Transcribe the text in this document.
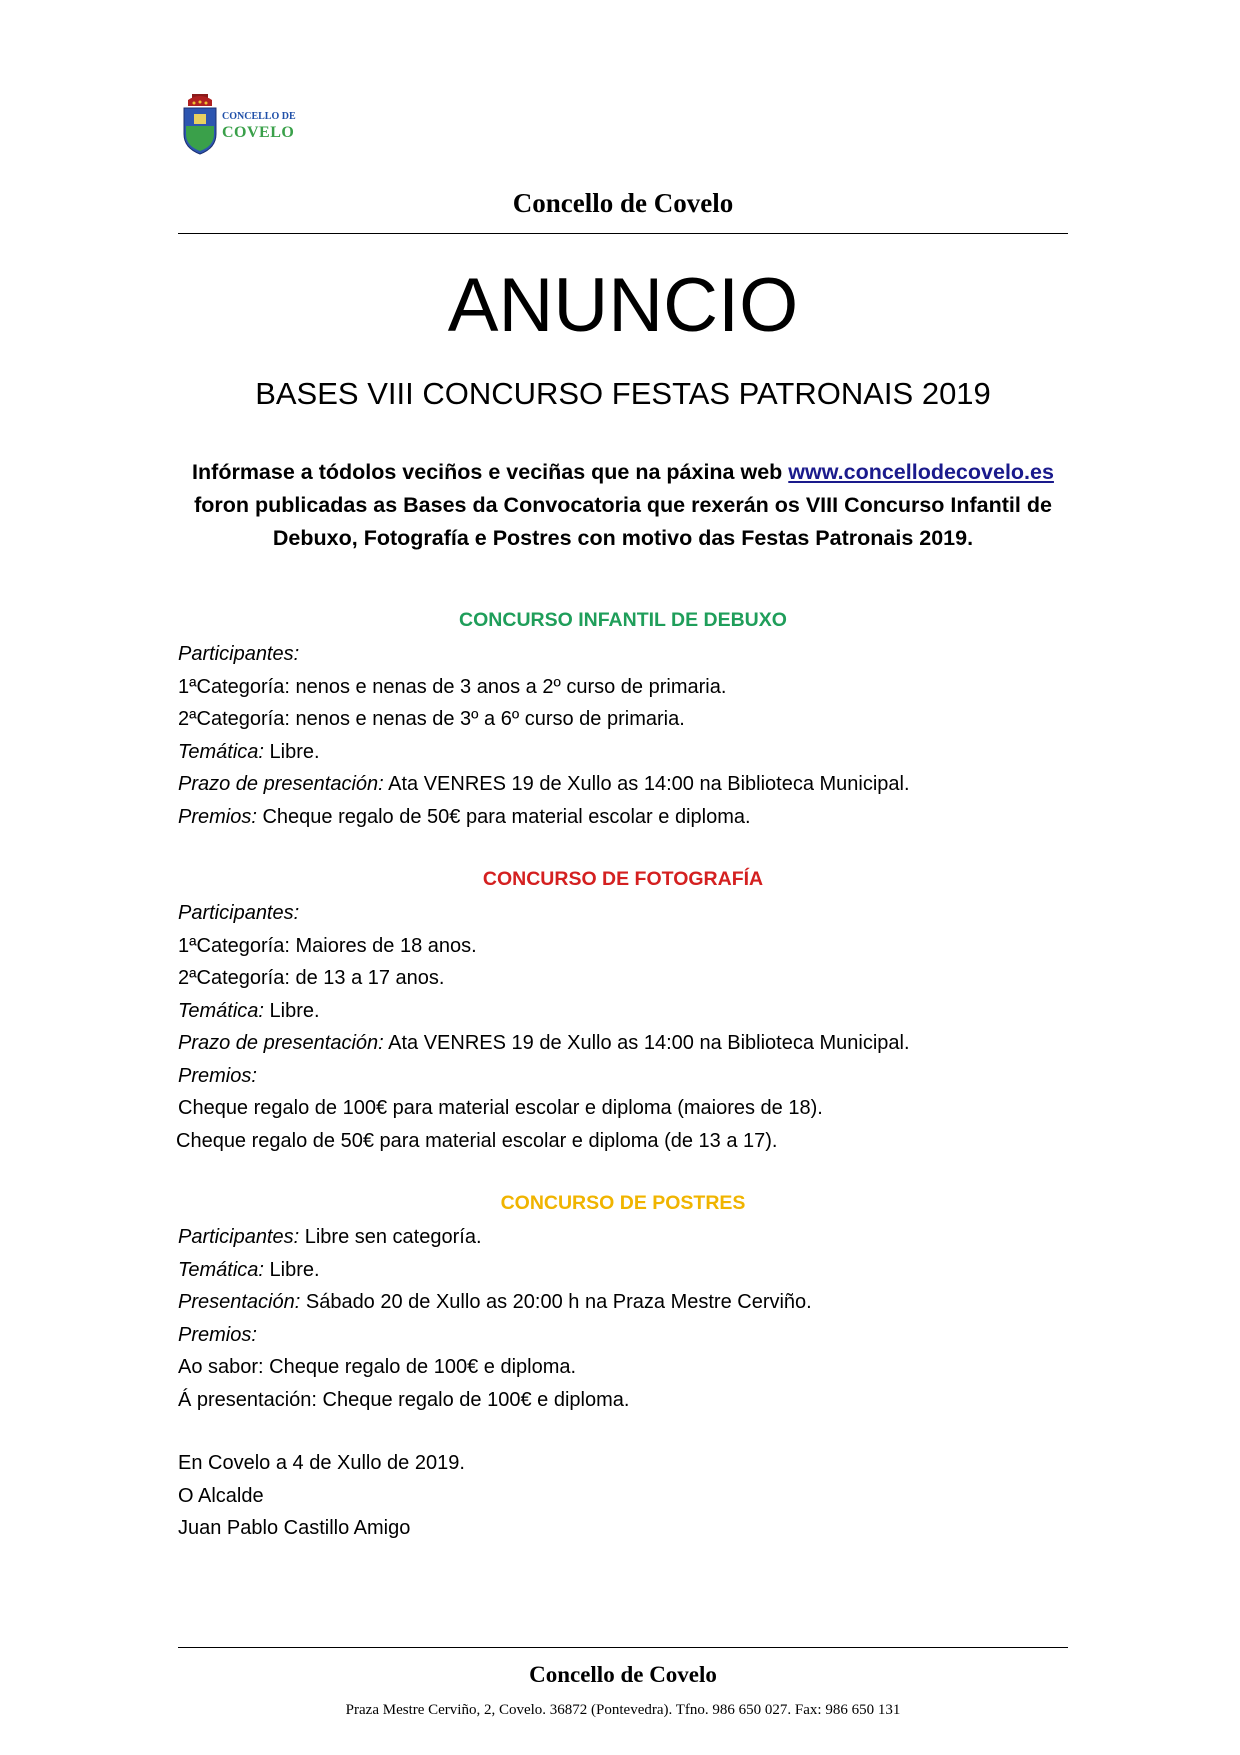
CONCELLO DE
COVELO
Concello de Covelo
ANUNCIO
BASES VIII CONCURSO FESTAS PATRONAIS 2019
Infórmase a tódolos veciños e veciñas que na páxina web www.concellodecovelo.es foron publicadas as Bases da Convocatoria que rexerán os VIII Concurso Infantil de Debuxo, Fotografía e Postres con motivo das Festas Patronais 2019.
CONCURSO INFANTIL DE DEBUXO
Participantes:
1ªCategoría: nenos e nenas de 3 anos a 2º curso de primaria.
2ªCategoría: nenos e nenas de 3º a 6º curso de primaria.
Temática: Libre.
Prazo de presentación: Ata VENRES 19 de Xullo as 14:00 na Biblioteca Municipal.
Premios: Cheque regalo de 50€ para material escolar e diploma.
CONCURSO DE FOTOGRAFÍA
Participantes:
1ªCategoría: Maiores de 18 anos.
2ªCategoría: de 13 a 17 anos.
Temática: Libre.
Prazo de presentación: Ata VENRES 19 de Xullo as 14:00 na Biblioteca Municipal.
Premios:
Cheque regalo de 100€ para material escolar e diploma (maiores de 18).
Cheque regalo de 50€ para material escolar e diploma (de 13 a 17).
CONCURSO DE POSTRES
Participantes: Libre sen categoría.
Temática: Libre.
Presentación: Sábado 20 de Xullo as 20:00 h na Praza Mestre Cerviño.
Premios:
Ao sabor: Cheque regalo de 100€ e diploma.
Á presentación: Cheque regalo de 100€ e diploma.
En Covelo a 4 de Xullo de 2019.
O Alcalde
Juan Pablo Castillo Amigo
Concello de Covelo
Praza Mestre Cerviño, 2, Covelo. 36872 (Pontevedra). Tfno. 986 650 027. Fax: 986 650 131
